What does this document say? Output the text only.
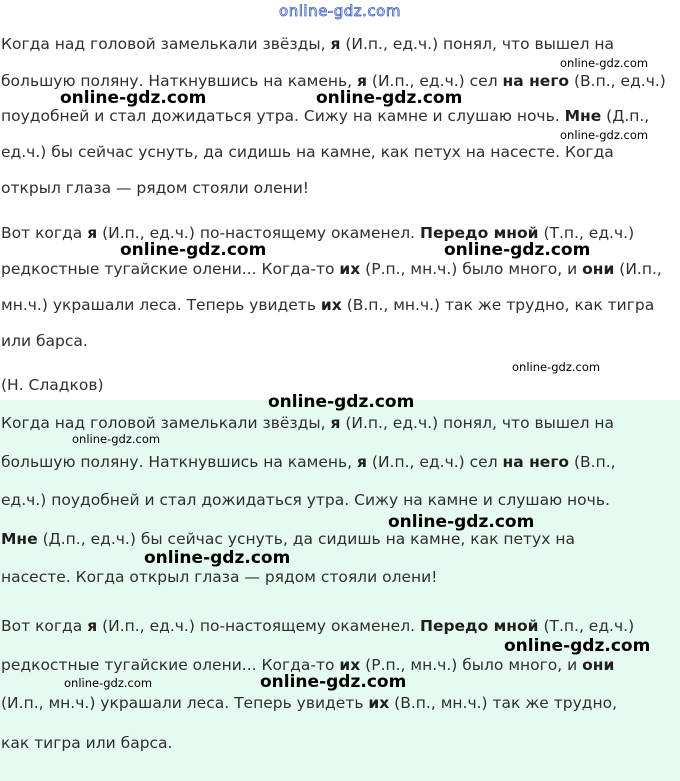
online-gdz.com
Когда над головой замелькали звёзды, я (И.п., ед.ч.) понял, что вышел на
большую поляну. Наткнувшись на камень, я (И.п., ед.ч.) сел на него (В.п., ед.ч.)
поудобней и стал дожидаться утра. Сижу на камне и слушаю ночь. Мне (Д.п.,
ед.ч.) бы сейчас уснуть, да сидишь на камне, как петух на насесте. Когда
открыл глаза — рядом стояли олени!
Вот когда я (И.п., ед.ч.) по-настоящему окаменел. Передо мной (Т.п., ед.ч.)
редкостные тугайские олени... Когда-то их (Р.п., мн.ч.) было много, и они (И.п.,
мн.ч.) украшали леса. Теперь увидеть их (В.п., мн.ч.) так же трудно, как тигра
или барса.
(Н. Сладков)
Когда над головой замелькали звёзды, я (И.п., ед.ч.) понял, что вышел на
большую поляну. Наткнувшись на камень, я (И.п., ед.ч.) сел на него (В.п.,
ед.ч.) поудобней и стал дожидаться утра. Сижу на камне и слушаю ночь.
Мне (Д.п., ед.ч.) бы сейчас уснуть, да сидишь на камне, как петух на
насесте. Когда открыл глаза — рядом стояли олени!
Вот когда я (И.п., ед.ч.) по-настоящему окаменел. Передо мной (Т.п., ед.ч.)
редкостные тугайские олени... Когда-то их (Р.п., мн.ч.) было много, и они
(И.п., мн.ч.) украшали леса. Теперь увидеть их (В.п., мн.ч.) так же трудно,
как тигра или барса.
online-gdz.com
online-gdz.com	online-gdz.com
online-gdz.com
online-gdz.com	online-gdz.com
online-gdz.com
online-gdz.com
online-gdz.com
online-gdz.com
online-gdz.com
online-gdz.com
online-gdz.com	online-gdz.com
